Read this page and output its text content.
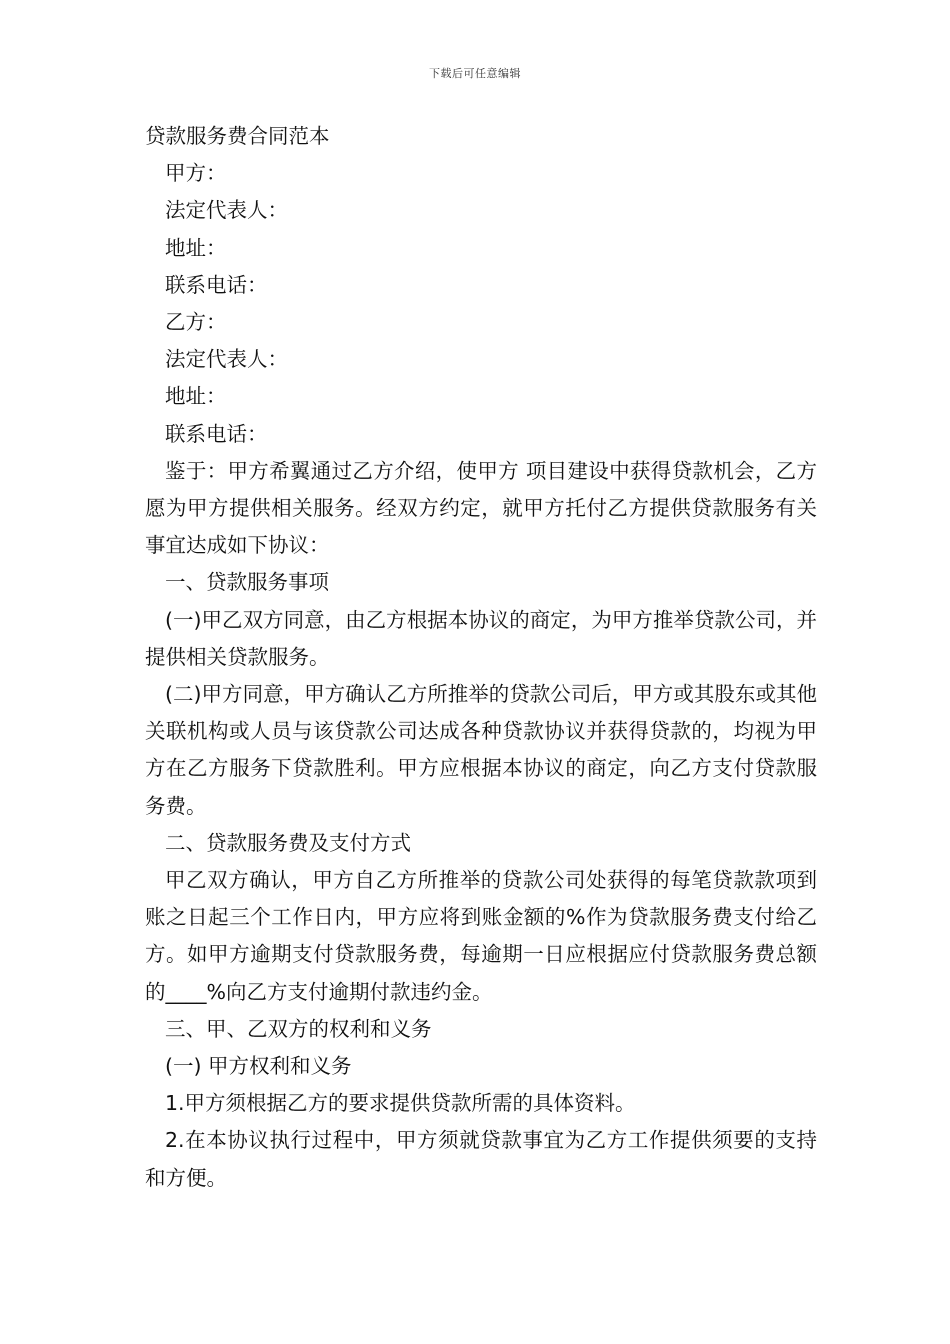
下载后可任意编辑

贷款服务费合同范本

甲方：

法定代表人：

地址：

联系电话：

乙方：

法定代表人：

地址：

联系电话：

鉴于：甲方希翼通过乙方介绍，使甲方 项目建设中获得贷款机会，乙方愿为甲方提供相关服务。经双方约定，就甲方托付乙方提供贷款服务有关事宜达成如下协议：

一、贷款服务事项

(一)甲乙双方同意，由乙方根据本协议的商定，为甲方推举贷款公司，并提供相关贷款服务。

(二)甲方同意，甲方确认乙方所推举的贷款公司后，甲方或其股东或其他关联机构或人员与该贷款公司达成各种贷款协议并获得贷款的，均视为甲方在乙方服务下贷款胜利。甲方应根据本协议的商定，向乙方支付贷款服务费。

二、贷款服务费及支付方式

甲乙双方确认，甲方自乙方所推举的贷款公司处获得的每笔贷款款项到账之日起三个工作日内，甲方应将到账金额的%作为贷款服务费支付给乙方。如甲方逾期支付贷款服务费，每逾期一日应根据应付贷款服务费总额的____%向乙方支付逾期付款违约金。

三、甲、乙双方的权利和义务

(一) 甲方权利和义务

1.甲方须根据乙方的要求提供贷款所需的具体资料。

2.在本协议执行过程中，甲方须就贷款事宜为乙方工作提供须要的支持和方便。
